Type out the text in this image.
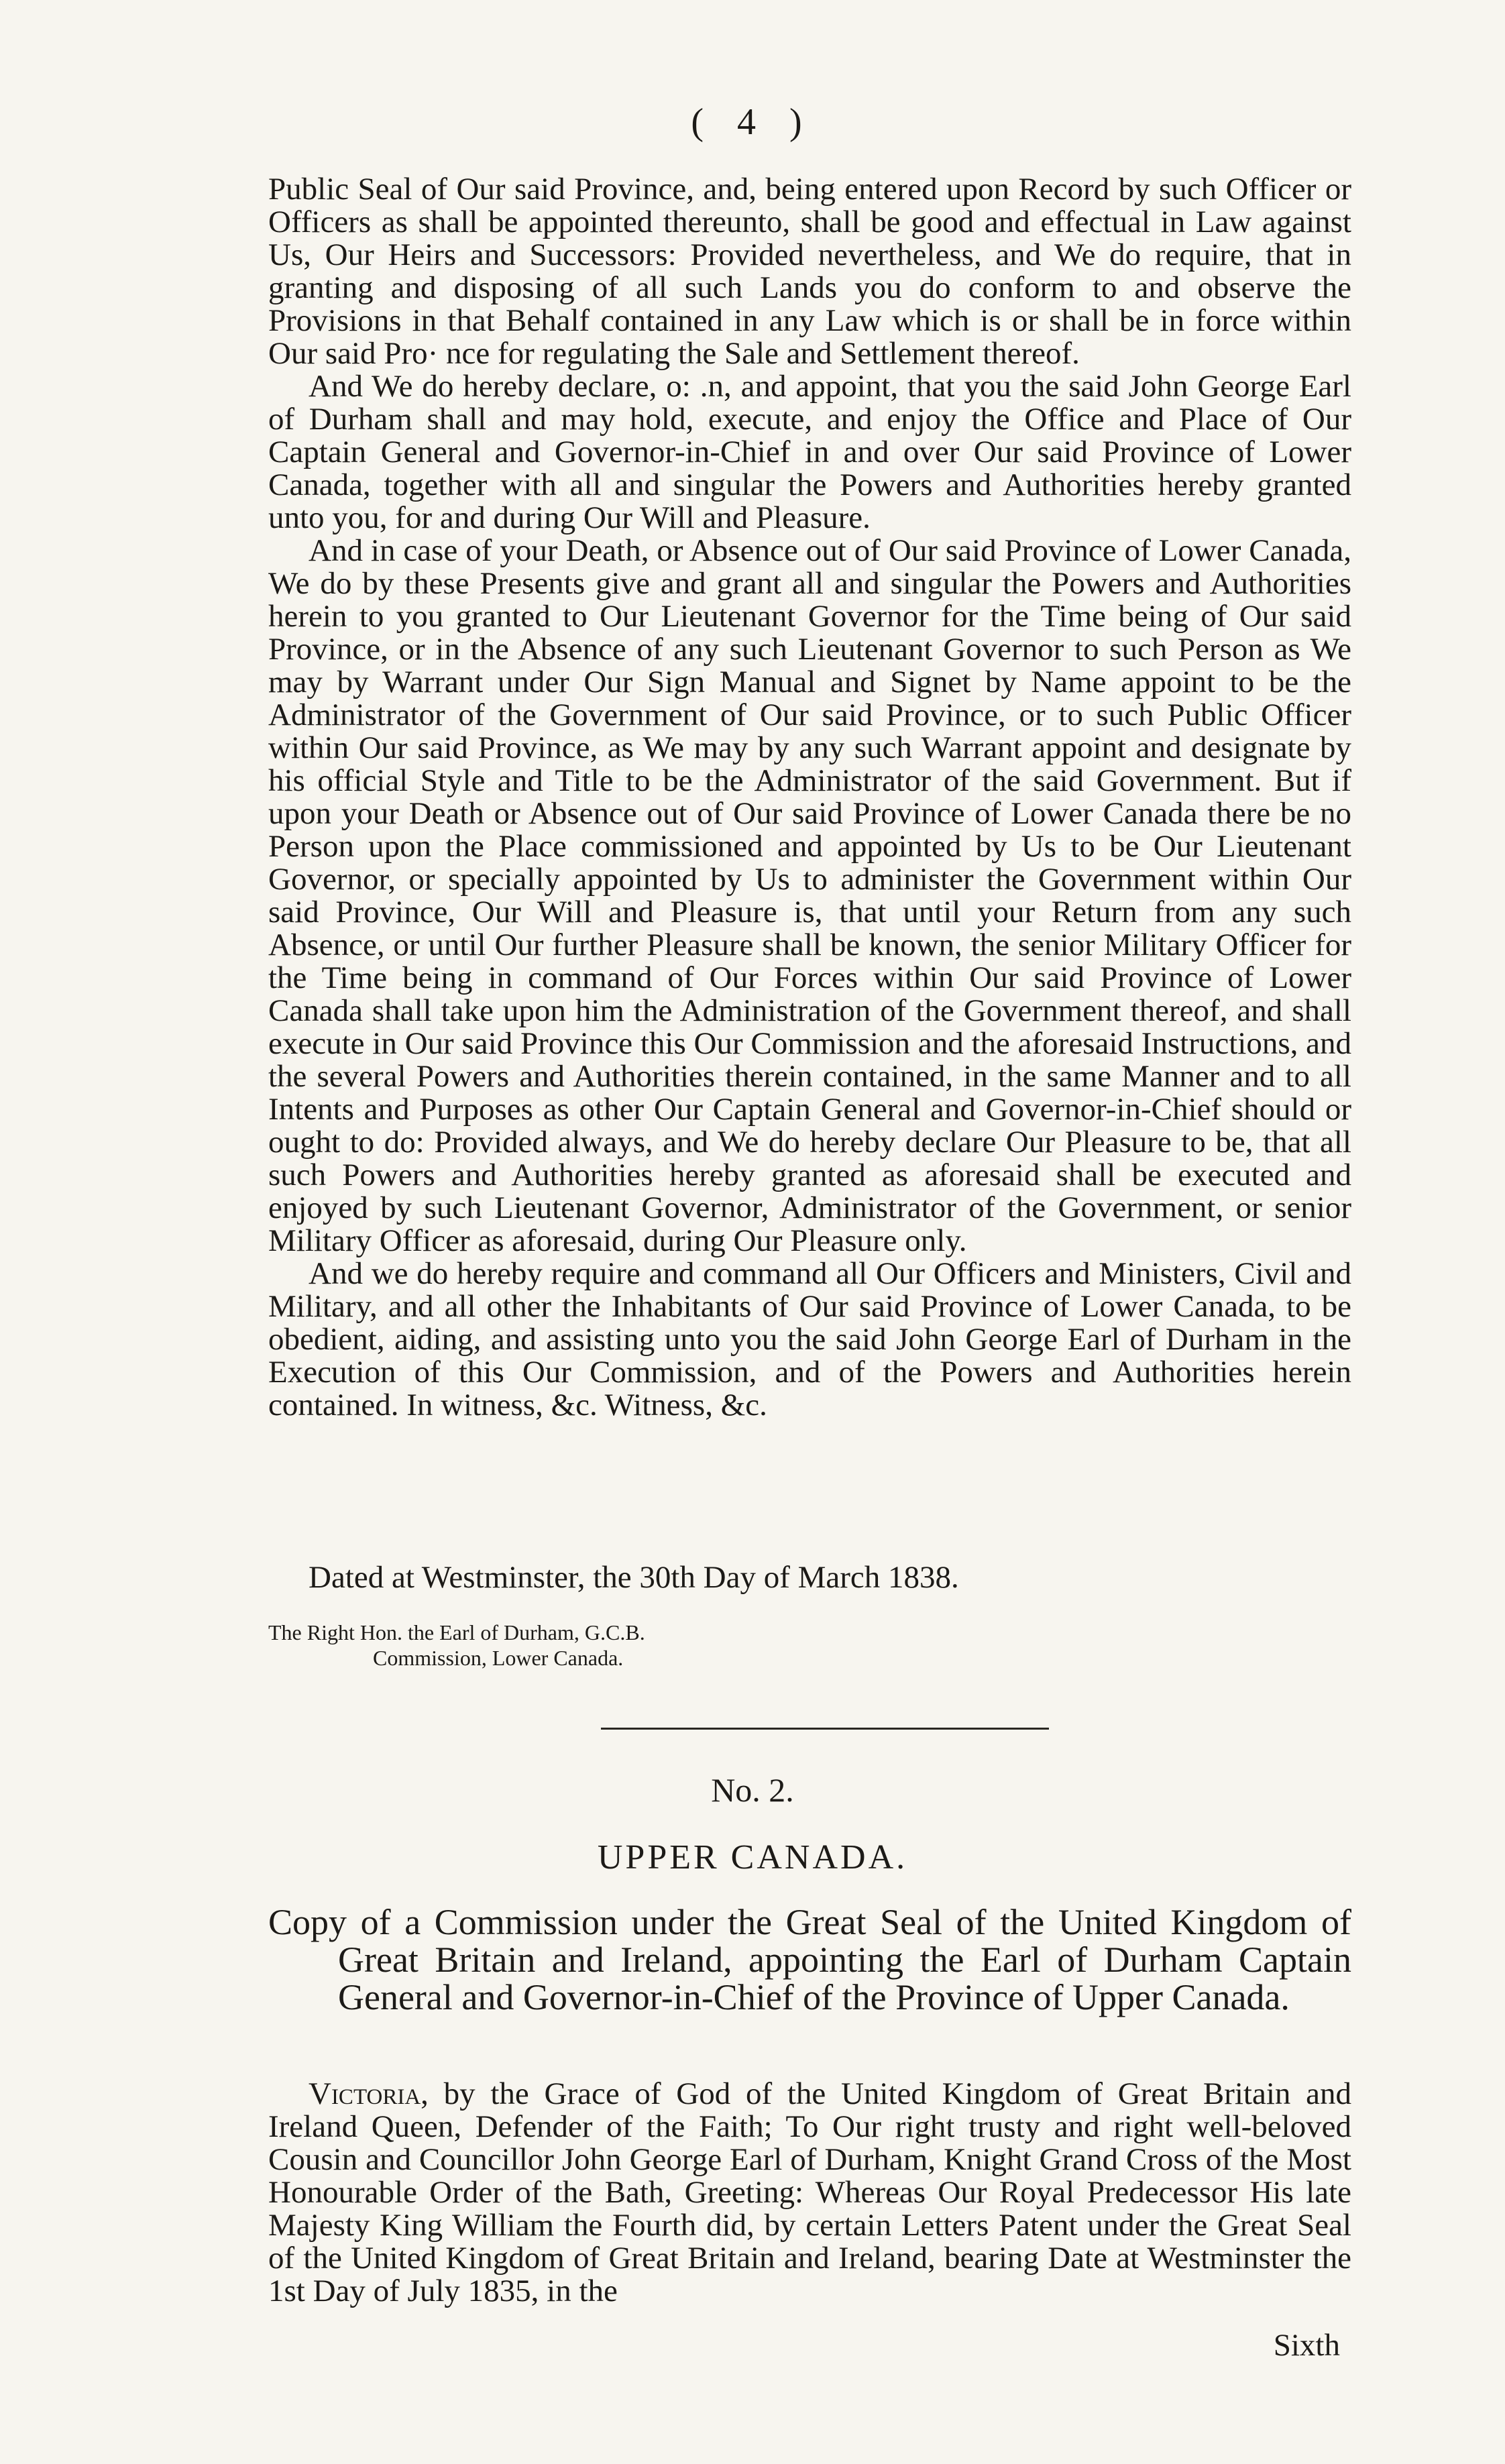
( 4 )

Public Seal of Our said Province, and, being entered upon Record by such Officer or Officers as shall be appointed thereunto, shall be good and effectual in Law against Us, Our Heirs and Successors: Provided nevertheless, and We do require, that in granting and disposing of all such Lands you do conform to and observe the Provisions in that Behalf contained in any Law which is or shall be in force within Our said Pro· nce for regulating the Sale and Settlement thereof.

And We do hereby declare, o: .n, and appoint, that you the said John George Earl of Durham shall and may hold, execute, and enjoy the Office and Place of Our Captain General and Governor-in-Chief in and over Our said Province of Lower Canada, together with all and singular the Powers and Authorities hereby granted unto you, for and during Our Will and Pleasure.

And in case of your Death, or Absence out of Our said Province of Lower Canada, We do by these Presents give and grant all and singular the Powers and Authorities herein to you granted to Our Lieutenant Governor for the Time being of Our said Province, or in the Absence of any such Lieutenant Governor to such Person as We may by Warrant under Our Sign Manual and Signet by Name appoint to be the Administrator of the Government of Our said Province, or to such Public Officer within Our said Province, as We may by any such Warrant appoint and designate by his official Style and Title to be the Administrator of the said Government. But if upon your Death or Absence out of Our said Province of Lower Canada there be no Person upon the Place commissioned and appointed by Us to be Our Lieutenant Governor, or specially appointed by Us to administer the Government within Our said Province, Our Will and Pleasure is, that until your Return from any such Absence, or until Our further Pleasure shall be known, the senior Military Officer for the Time being in command of Our Forces within Our said Province of Lower Canada shall take upon him the Administration of the Government thereof, and shall execute in Our said Province this Our Commission and the aforesaid Instructions, and the several Powers and Authorities therein contained, in the same Manner and to all Intents and Purposes as other Our Captain General and Governor-in-Chief should or ought to do: Provided always, and We do hereby declare Our Pleasure to be, that all such Powers and Authorities hereby granted as aforesaid shall be executed and enjoyed by such Lieutenant Governor, Administrator of the Government, or senior Military Officer as aforesaid, during Our Pleasure only.

And we do hereby require and command all Our Officers and Ministers, Civil and Military, and all other the Inhabitants of Our said Province of Lower Canada, to be obedient, aiding, and assisting unto you the said John George Earl of Durham in the Execution of this Our Commission, and of the Powers and Authorities herein contained. In witness, &c. Witness, &c.

Dated at Westminster, the 30th Day of March 1838.
The Right Hon. the Earl of Durham, G.C.B.
Commission, Lower Canada.
No. 2.
UPPER CANADA.
Copy of a Commission under the Great Seal of the United Kingdom of Great Britain and Ireland, appointing the Earl of Durham Captain General and Governor-in-Chief of the Province of Upper Canada.

Victoria, by the Grace of God of the United Kingdom of Great Britain and Ireland Queen, Defender of the Faith; To Our right trusty and right well-beloved Cousin and Councillor John George Earl of Durham, Knight Grand Cross of the Most Honourable Order of the Bath, Greeting: Whereas Our Royal Predecessor His late Majesty King William the Fourth did, by certain Letters Patent under the Great Seal of the United Kingdom of Great Britain and Ireland, bearing Date at Westminster the 1st Day of July 1835, in the

Sixth
